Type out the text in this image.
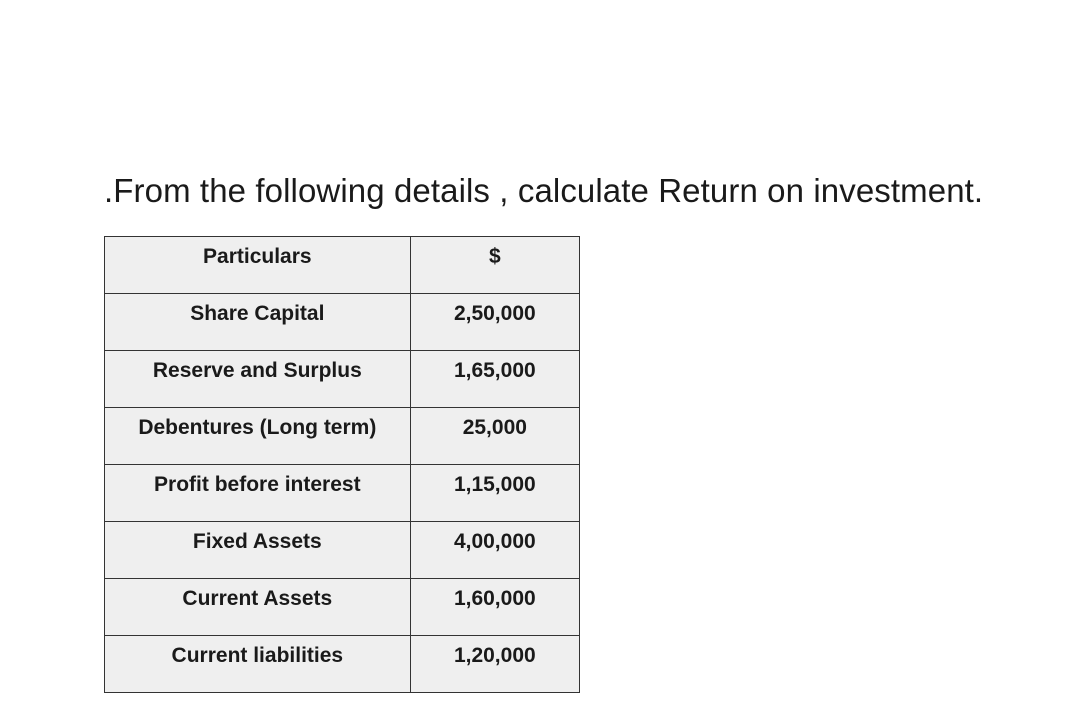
.From the following details , calculate Return on investment.
Particulars	$

Share Capital	2,50,000

Reserve and Surplus	1,65,000

Debentures (Long term)	25,000

Profit before interest	1,15,000

Fixed Assets	4,00,000

Current Assets	1,60,000

Current liabilities	1,20,000
